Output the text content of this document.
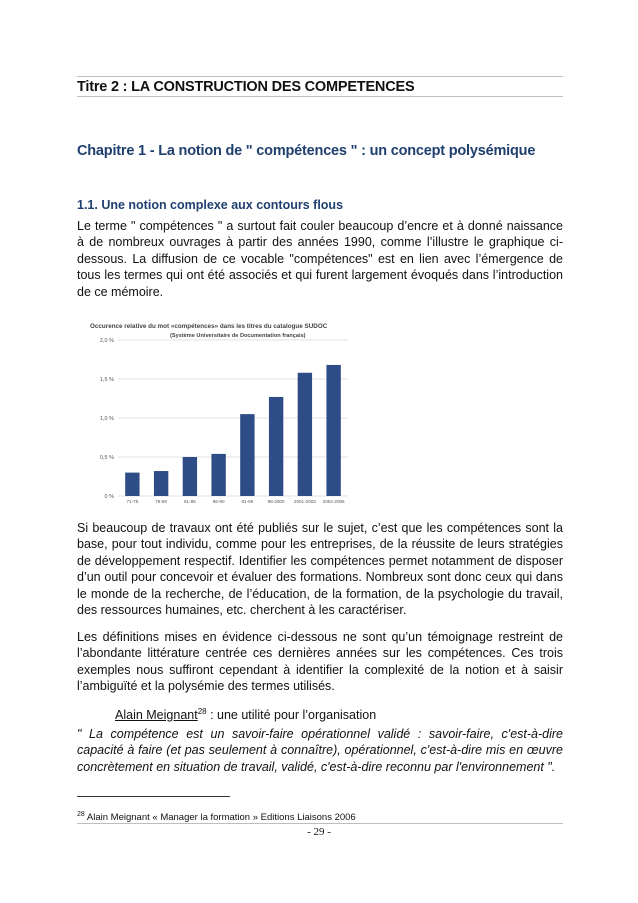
Titre 2 : LA CONSTRUCTION DES COMPETENCES
Chapitre 1 - La notion de " compétences " : un concept polysémique
1.1. Une notion complexe aux contours flous
Le terme " compétences " a surtout fait couler beaucoup d’encre et à donné naissance à de nombreux ouvrages à partir des années 1990, comme l’illustre le graphique ci-dessous. La diffusion de ce vocable "compétences" est en lien avec l’émergence de tous les termes qui ont été associés et qui furent largement évoqués dans l’introduction de ce mémoire.
Occurence relative du mot «compétences» dans les titres du catalogue SUDOC
(Système Universitaire de Documentation français)
71-75	76-80	81-85	86-90	91-95	96-2000 2001-2003 2004-2006
0 %
0,5 %
1,0 %
1,5 %
2,0 %
Si beaucoup de travaux ont été publiés sur le sujet, c’est que les compétences sont la base, pour tout individu, comme pour les entreprises, de la réussite de leurs stratégies de développement respectif. Identifier les compétences permet notamment de disposer d’un outil pour concevoir et évaluer des formations. Nombreux sont donc ceux qui dans le monde de la recherche, de l’éducation, de la formation, de la psychologie du travail, des ressources humaines, etc. cherchent à les caractériser.
Les définitions mises en évidence ci-dessous ne sont qu’un témoignage restreint de l’abondante littérature centrée ces dernières années sur les compétences. Ces trois exemples nous suffiront cependant à identifier la complexité de la notion et à saisir l’ambiguïté et la polysémie des termes utilisés.
Alain Meignant$^{28}$ : une utilité pour l’organisation
" La compétence est un savoir-faire opérationnel validé : savoir-faire, c'est-à-dire capacité à faire (et pas seulement à connaître), opérationnel, c'est-à-dire mis en œuvre concrètement en situation de travail, validé, c'est-à-dire reconnu par l'environnement ".
$^{28}$ Alain Meignant « Manager la formation » Editions Liaisons 2006
- 29 -
